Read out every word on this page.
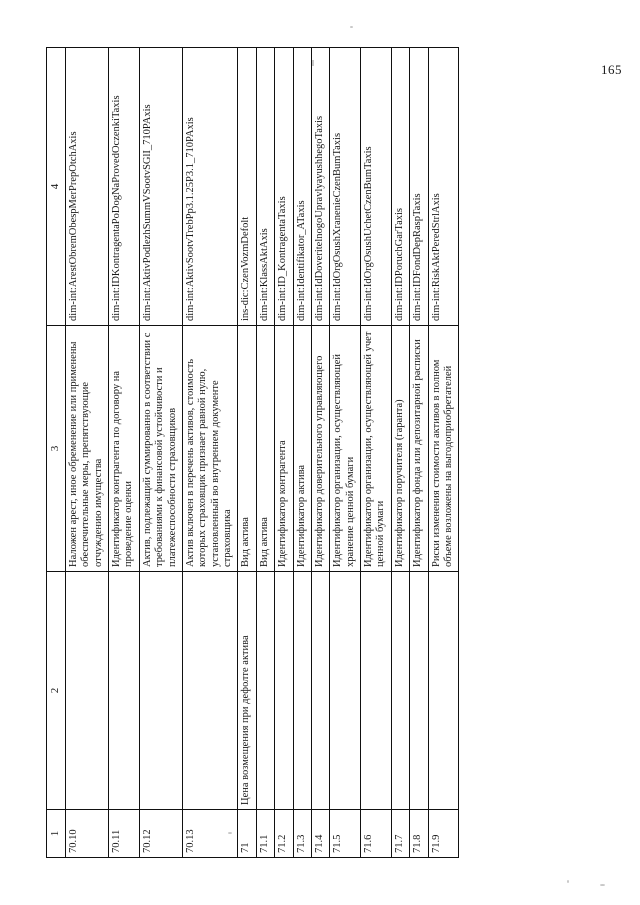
165
1	2	3	4
70.10		Наложен арест, иное обременение или применены обеспечительные меры, препятствующие отчуждению имущества	dim-int:ArestObremObespMerPrepOtchAxis
70.11		Идентификатор контрагента по договору на проведение оценки	dim-int:IDKontragentaPoDogNaProvedOczenkiTaxis
70.12		Актив, подлежащий суммированно в соответствии с требованиями к финансовой устойчивости и платежеспособности страховщиков	dim-int:AktivPodlezhSummVSootvSGlI_710PAxis
70.13		Актив включен в перечень активов, стоимость которых страховщик признает равной нулю, установленный во внутреннем документе страховщика	dim-int:AktivSootvTrebPp3.1.25P3.1_710PAxis
71	Цена возмещения при дефолте актива	Вид актива	ins-dic:CzenVozmDefolt
71.1		Вид актива	dim-int:KlassAktAxis
71.2		Идентификатор контрагента	dim-int:ID_KontragentaTaxis
71.3		Идентификатор актива	dim-int:Identifikator_ATaxis
71.4		Идентификатор доверительного управляющего	dim-int:IdDoveritelnogoUpravlyayushhegoTaxis
71.5		Идентификатор организации, осуществляющей хранение ценной бумаги	dim-int:IdOrgOsushXranenieCzenBumTaxis
71.6		Идентификатор организации, осуществляющей учет ценной бумаги	dim-int:IdOrgOsushUchetCzenBumTaxis
71.7		Идентификатор поручителя (гаранта)	dim-int:IDPoruchGarTaxis
71.8		Идентификатор фонда или депозитарной расписки	dim-int:IDFondDepRaspTaxis
71.9		Риски изменения стоимости активов в полном объеме возложены на выгодоприобретателей	dim-int:RiskAktPeredStrlAxis
